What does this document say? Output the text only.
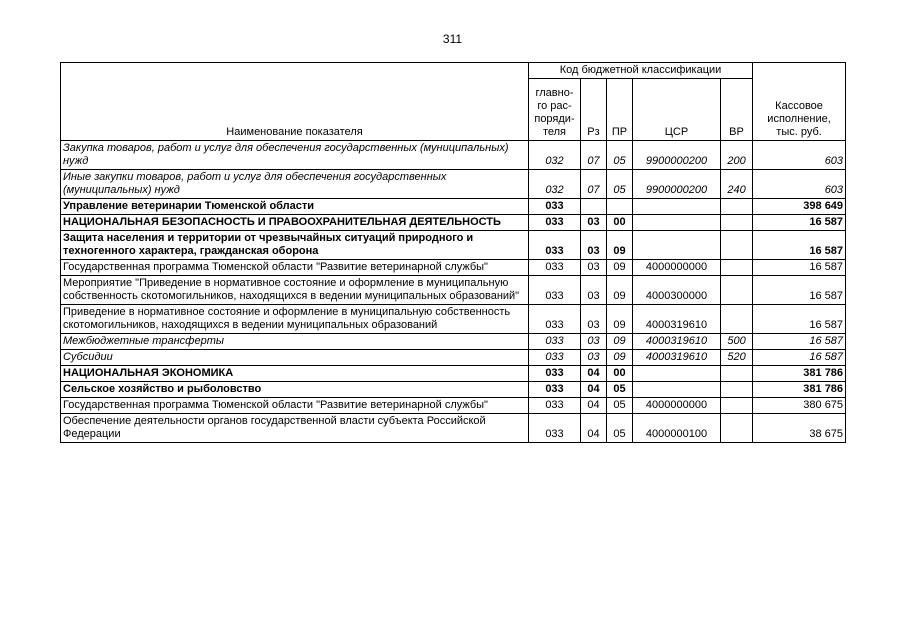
311
Наименование показателя	Код бюджетной классификации					Кассовое исполнение, тыс. руб.
	главно-го рас-поряди-теля	Рз	ПР	ЦСР	ВР	
Закупка товаров, работ и услуг для обеспечения государственных (муниципальных) нужд	032	07	05	9900000200	200	603
Иные закупки товаров, работ и услуг для обеспечения государственных (муниципальных) нужд	032	07	05	9900000200	240	603
Управление ветеринарии Тюменской области	033					398 649
НАЦИОНАЛЬНАЯ БЕЗОПАСНОСТЬ И ПРАВООХРАНИТЕЛЬНАЯ ДЕЯТЕЛЬНОСТЬ	033	03	00			16 587
Защита населения и территории от чрезвычайных ситуаций природного и техногенного характера, гражданская оборона	033	03	09			16 587
Государственная программа Тюменской области "Развитие ветеринарной службы"	033	03	09	4000000000		16 587
Мероприятие "Приведение в нормативное состояние и оформление в муниципальную собственность скотомогильников, находящихся в ведении муниципальных образований"	033	03	09	4000300000		16 587
Приведение в нормативное состояние и оформление в муниципальную собственность скотомогильников, находящихся в ведении муниципальных образований	033	03	09	4000319610		16 587
Межбюджетные трансферты	033	03	09	4000319610	500	16 587
Субсидии	033	03	09	4000319610	520	16 587
НАЦИОНАЛЬНАЯ ЭКОНОМИКА	033	04	00			381 786
Сельское хозяйство и рыболовство	033	04	05			381 786
Государственная программа Тюменской области "Развитие ветеринарной службы"	033	04	05	4000000000		380 675
Обеспечение деятельности органов государственной власти субъекта Российской Федерации	033	04	05	4000000100		38 675
